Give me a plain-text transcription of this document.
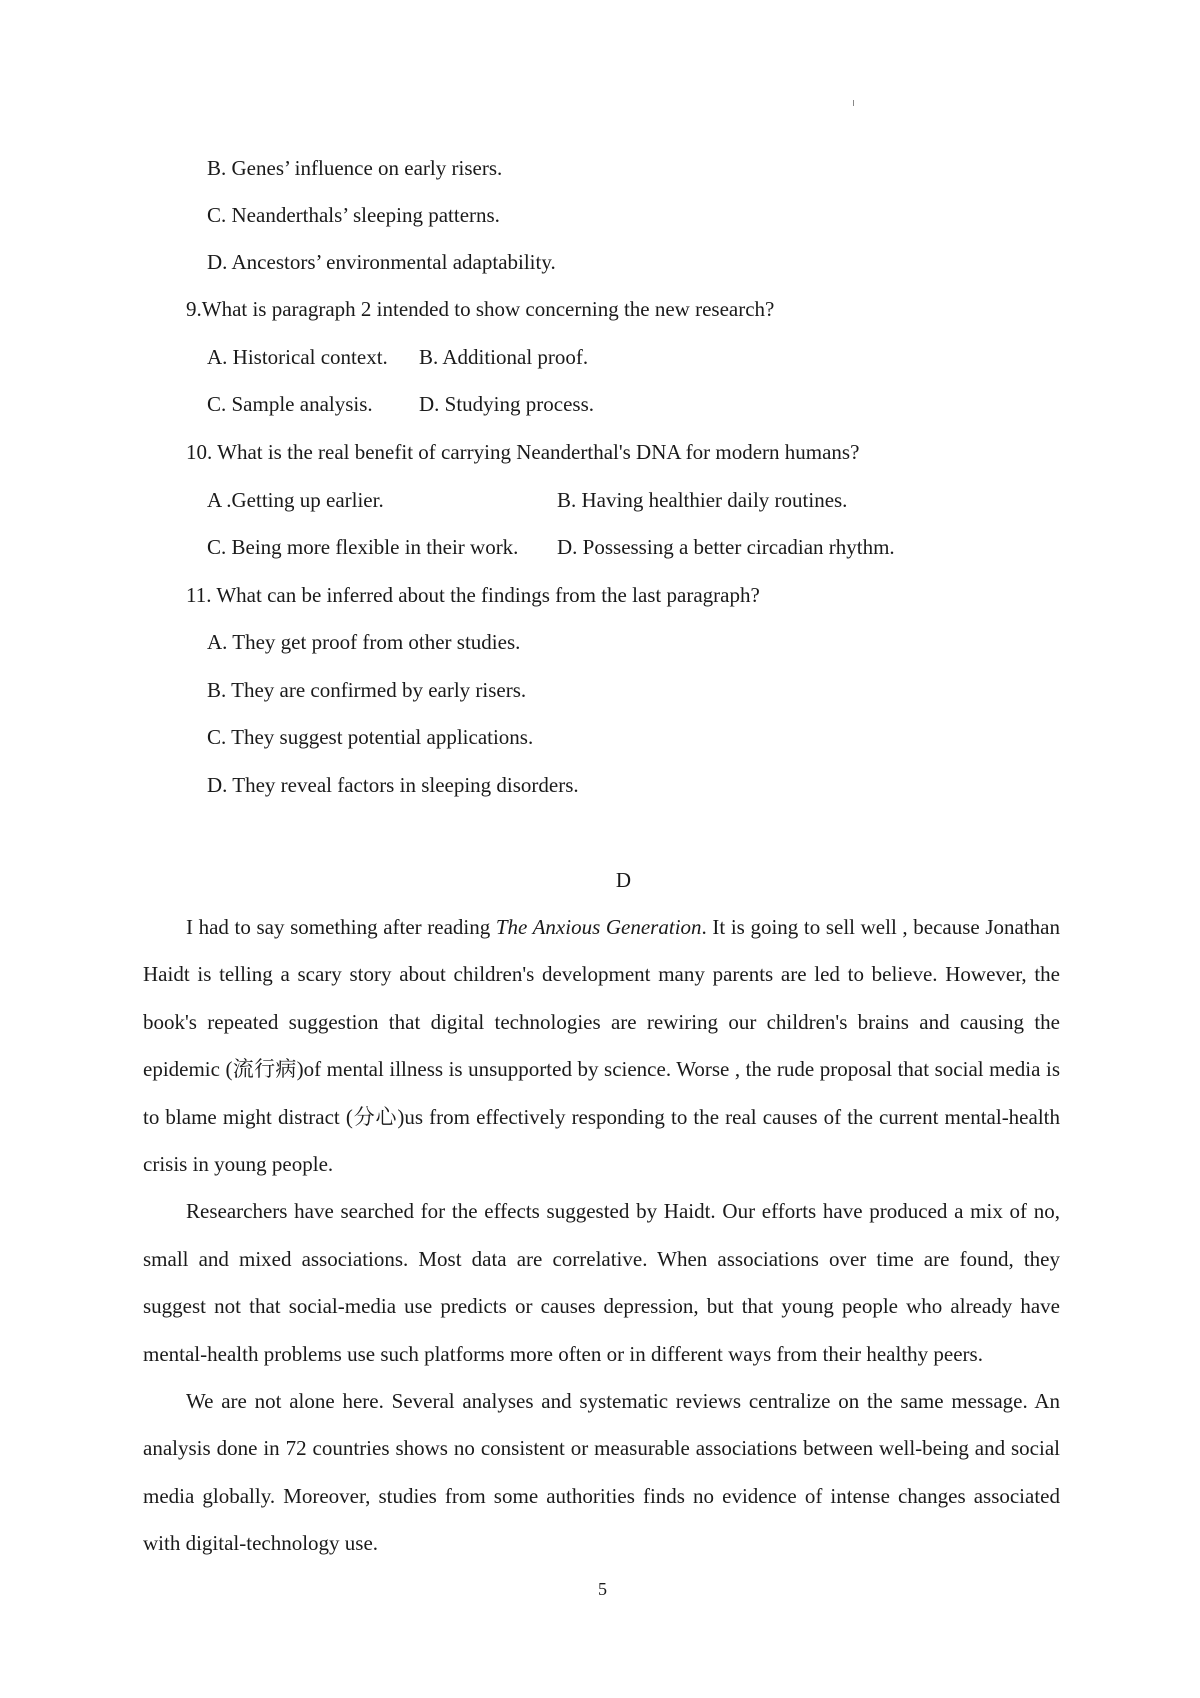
B. Genes’ influence on early risers.
C. Neanderthals’ sleeping patterns.
D. Ancestors’ environmental adaptability.
9.What is paragraph 2 intended to show concerning the new research?
A. Historical context. B. Additional proof.
C. Sample analysis. D. Studying process.
10. What is the real benefit of carrying Neanderthal's DNA for modern humans?
A .Getting up earlier.	B. Having healthier daily routines.
C. Being more flexible in their work. D. Possessing a better circadian rhythm.
11. What can be inferred about the findings from the last paragraph?
A. They get proof from other studies.
B. They are confirmed by early risers.
C. They suggest potential applications.
D. They reveal factors in sleeping disorders.
D

I had to say something after reading The Anxious Generation. It is going to sell well , because Jonathan Haidt is telling a scary story about children's development many parents are led to believe. However, the book's repeated suggestion that digital technologies are rewiring our children's brains and causing the epidemic (流行病)of mental illness is unsupported by science. Worse , the rude proposal that social media is to blame might distract (分心)us from effectively responding to the real causes of the current mental-health crisis in young people.

Researchers have searched for the effects suggested by Haidt. Our efforts have produced a mix of no, small and mixed associations. Most data are correlative. When associations over time are found, they suggest not that social-media use predicts or causes depression, but that young people who already have mental-health problems use such platforms more often or in different ways from their healthy peers.

We are not alone here. Several analyses and systematic reviews centralize on the same message. An analysis done in 72 countries shows no consistent or measurable associations between well-being and social media globally. Moreover, studies from some authorities finds no evidence of intense changes associated with digital-technology use.

5
